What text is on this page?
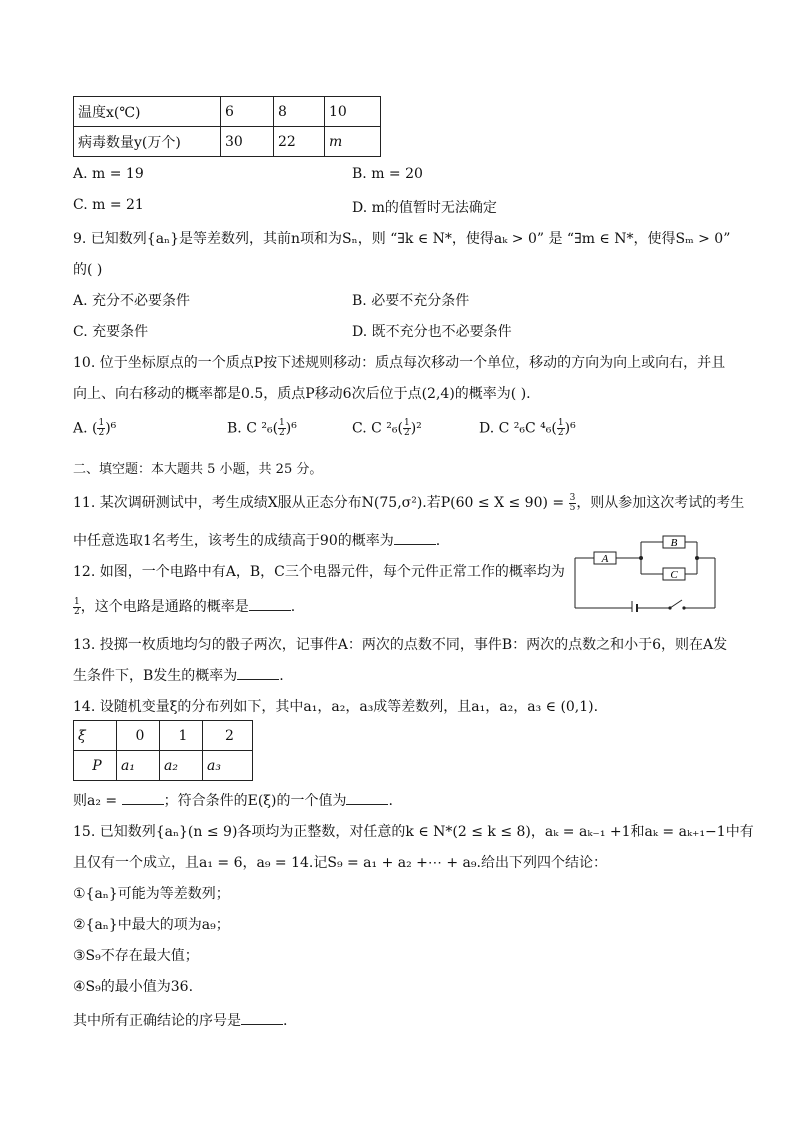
温度x(℃)	6	8	10
病毒数量y(万个)	30	22	m
A. m = 19	B. m = 20
C. m = 21	D. m的值暂时无法确定
9. 已知数列{aₙ}是等差数列，其前n项和为Sₙ，则 “∃k ∈ N*，使得aₖ > 0” 是 “∃m ∈ N*，使得Sₘ > 0”
的( )
A. 充分不必要条件	B. 必要不充分条件
C. 充要条件	D. 既不充分也不必要条件
10. 位于坐标原点的一个质点P按下述规则移动：质点每次移动一个单位，移动的方向为向上或向右，并且
向上、向右移动的概率都是0.5，质点P移动6次后位于点(2,4)的概率为( ).
A. ( $\frac{1}{2} )^6$	B. C $^2_6( \frac{1}{2} )^6$	C. C $^2_6( \frac{1}{2} )^2$	D. C ²₆C $^4_6( \frac{1}{2} )^6$
二、填空题：本大题共 5 小题，共 25 分。
11. 某次调研测试中，考生成绩X服从正态分布N(75,σ²).若$P(60 \le X \le 90) = \frac{3}{5}$ ，则从参加这次考试的考生
中任意选取1名考生，该考生的成绩高于90的概率为	.
12. 如图，一个电路中有A，B，C三个电器元件，每个元件正常工作的概率均为
$\frac{1}{2}$ ，这个电路是通路的概率是	.
A
B
C
13. 投掷一枚质地均匀的骰子两次，记事件A：两次的点数不同，事件B：两次的点数之和小于6，则在A发
生条件下，B发生的概率为	.
14. 设随机变量ξ的分布列如下，其中a₁，a₂，a₃成等差数列，且a₁，a₂，a₃ ∈ (0,1).
ξ	0	1	2
P	a₁	a₂	a₃
则a₂ =	；符合条件的E(ξ)的一个值为	.
15. 已知数列{aₙ}(n ≤ 9)各项均为正整数，对任意的k ∈ N*(2 ≤ k ≤ 8)，aₖ = aₖ₋₁ +1和aₖ = aₖ₊₁−1中有
且仅有一个成立，且a₁ = 6，a₉ = 14.记S₉ = a₁ + a₂ +⋯ + a₉.给出下列四个结论：
①{aₙ}可能为等差数列；
②{aₙ}中最大的项为a₉；
③S₉不存在最大值；
④S₉的最小值为36.
其中所有正确结论的序号是	.
